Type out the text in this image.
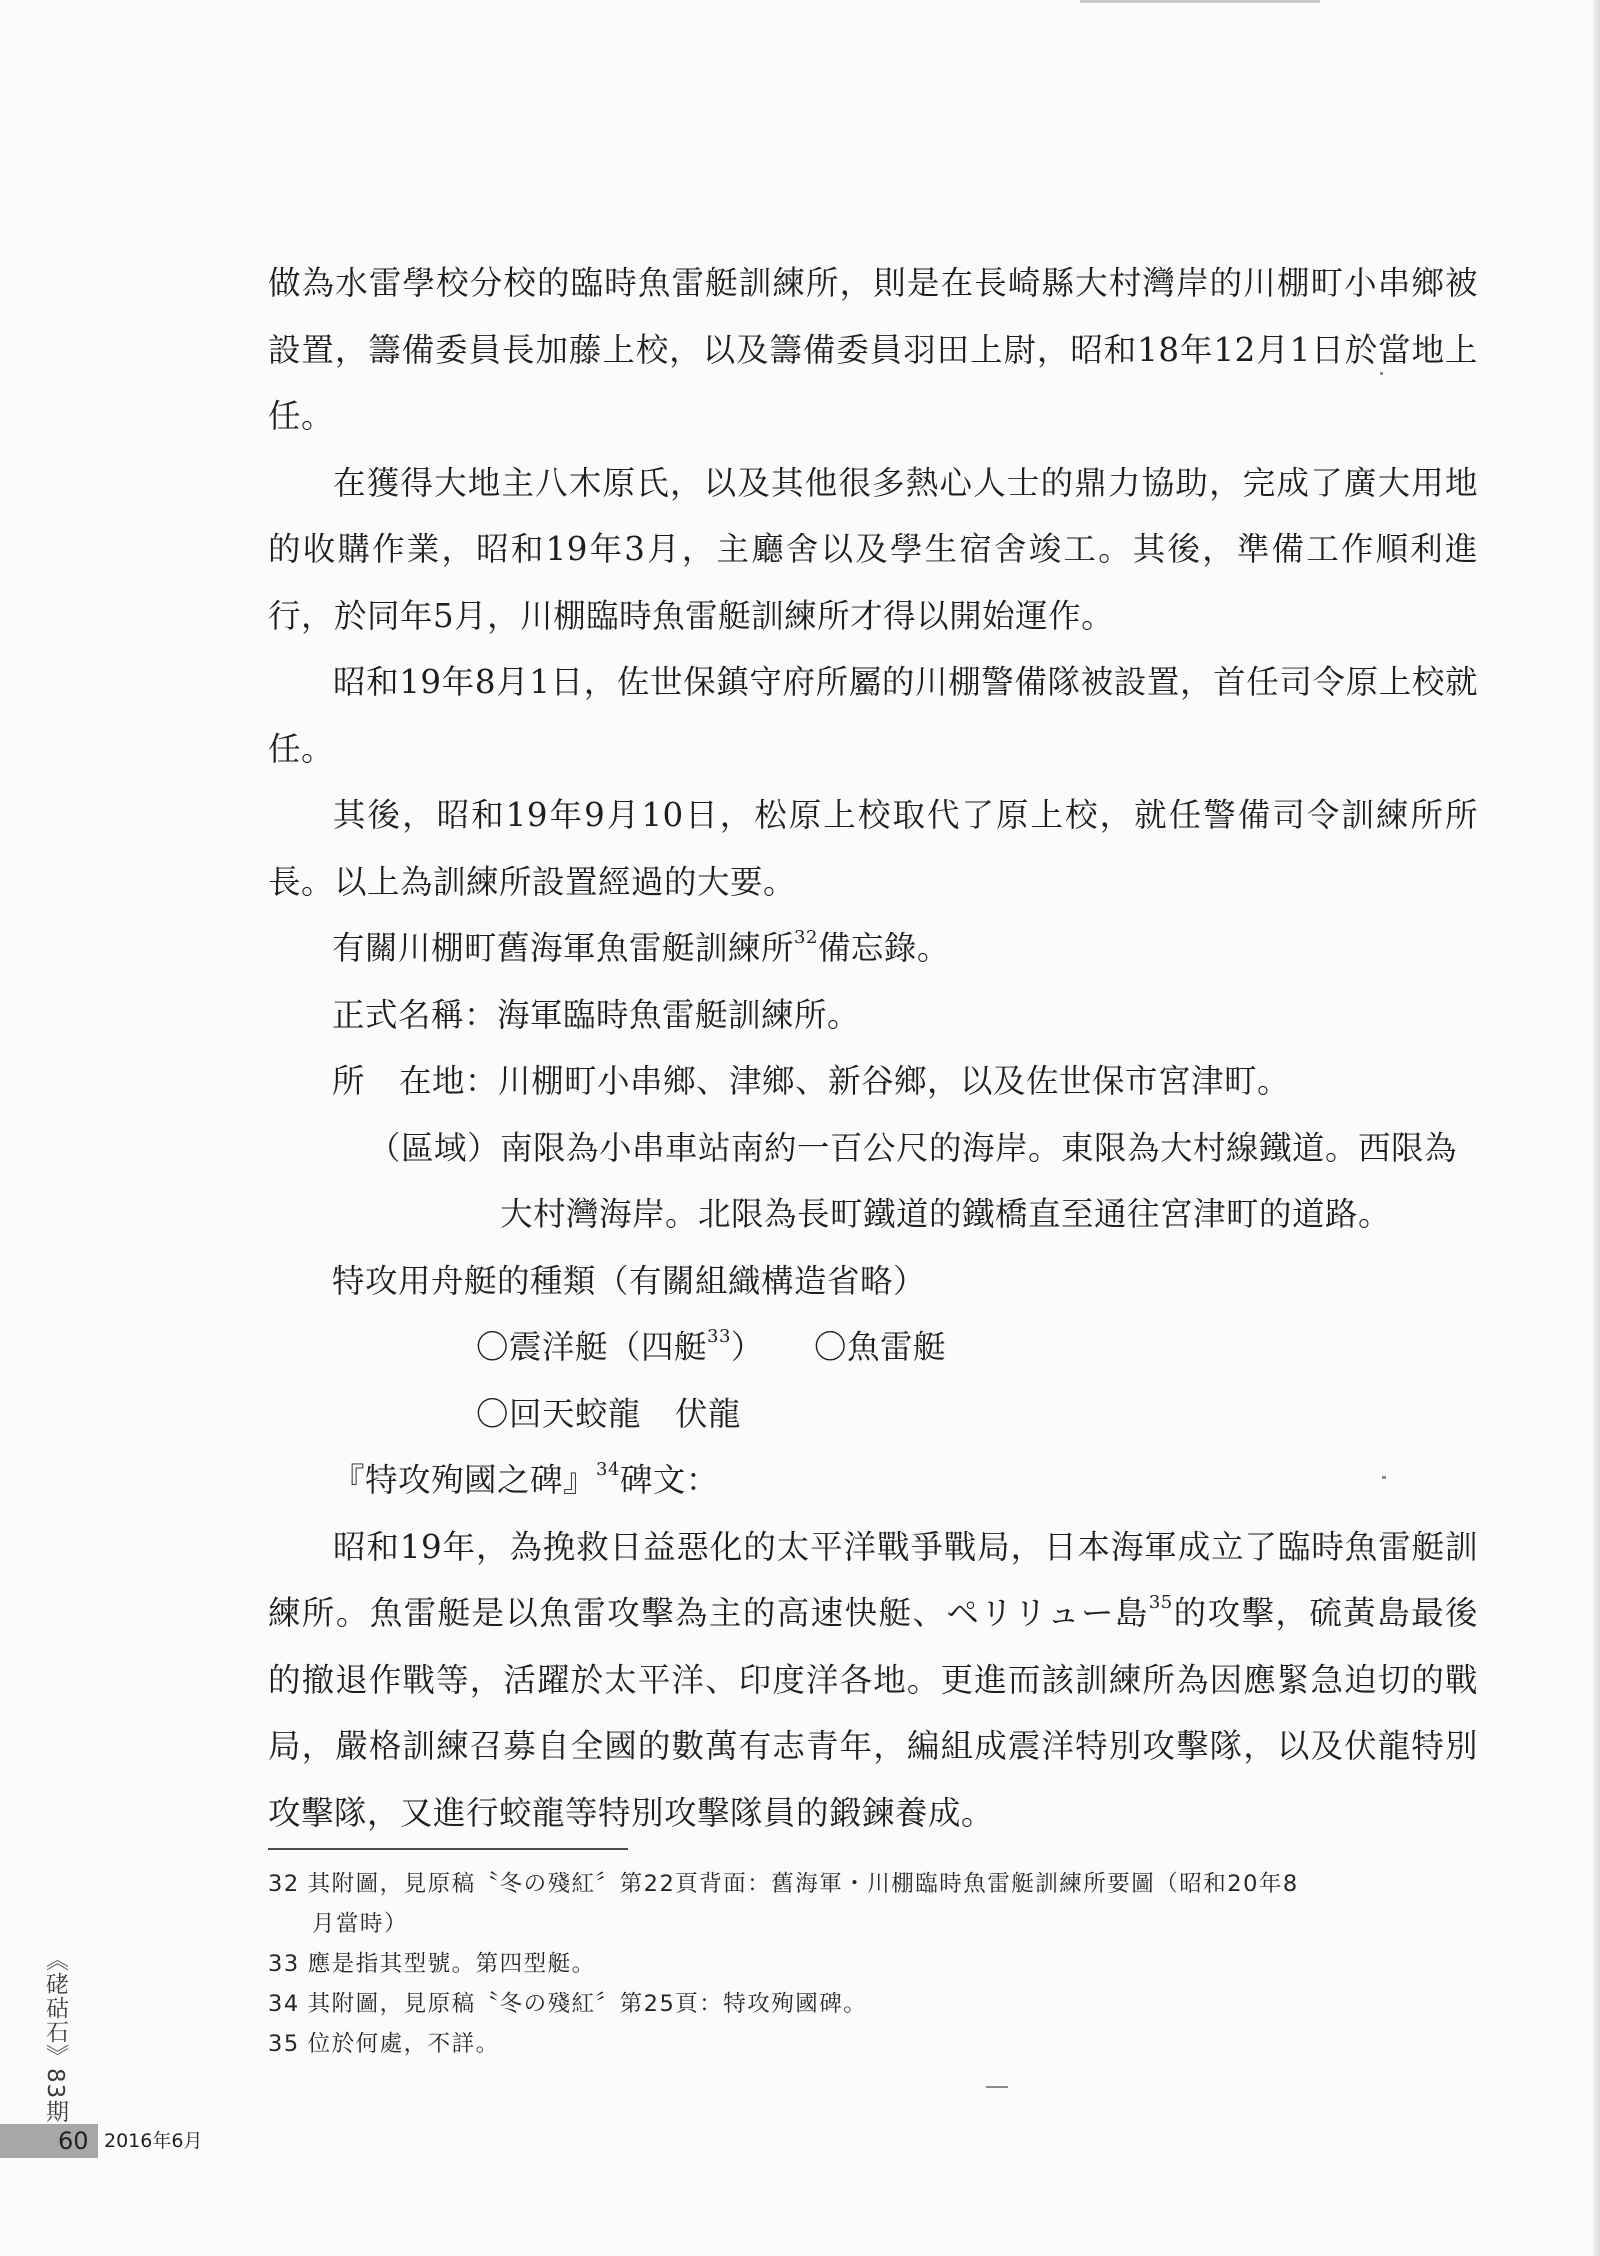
做為水雷學校分校的臨時魚雷艇訓練所，則是在長崎縣大村灣岸的川棚町小串鄉被設置，籌備委員長加藤上校，以及籌備委員羽田上尉，昭和18年12月1日於當地上任。

在獲得大地主八木原氏，以及其他很多熱心人士的鼎力協助，完成了廣大用地的收購作業，昭和19年3月，主廳舍以及學生宿舍竣工。其後，準備工作順利進行，於同年5月，川棚臨時魚雷艇訓練所才得以開始運作。

昭和19年8月1日，佐世保鎮守府所屬的川棚警備隊被設置，首任司令原上校就任。

其後，昭和19年9月10日，松原上校取代了原上校，就任警備司令訓練所所長。以上為訓練所設置經過的大要。

有關川棚町舊海軍魚雷艇訓練所$^{32}$備忘錄。

正式名稱：海軍臨時魚雷艇訓練所。

所 在地：川棚町小串鄉、津鄉、新谷鄉，以及佐世保市宮津町。

（區域） 南限為小串車站南約一百公尺的海岸。東限為大村線鐵道。西限為大村灣海岸。北限為長町鐵道的鐵橋直至通往宮津町的道路。

特攻用舟艇的種類（有關組織構造省略）

〇震洋艇（四艇$^{33}$） 〇魚雷艇
〇回天蛟龍 伏龍

『特攻殉國之碑』$^{34}$碑文：

昭和19年，為挽救日益惡化的太平洋戰爭戰局，日本海軍成立了臨時魚雷艇訓練所。魚雷艇是以魚雷攻擊為主的高速快艇、ペリリュー島$^{35}$的攻擊，硫黃島最後的撤退作戰等，活躍於太平洋、印度洋各地。更進而該訓練所為因應緊急迫切的戰局，嚴格訓練召募自全國的數萬有志青年，編組成震洋特別攻擊隊，以及伏龍特別攻擊隊，又進行蛟龍等特別攻擊隊員的鍛鍊養成。

32 其附圖，見原稿〝冬の殘紅〞第22頁背面：舊海軍・川棚臨時魚雷艇訓練所要圖（昭和20年8

月當時）

33 應是指其型號。第四型艇。

34 其附圖，見原稿〝冬の殘紅〞第25頁：特攻殉國碑。

35 位於何處，不詳。

《硓𥑮石》83期
60 2016年6月
